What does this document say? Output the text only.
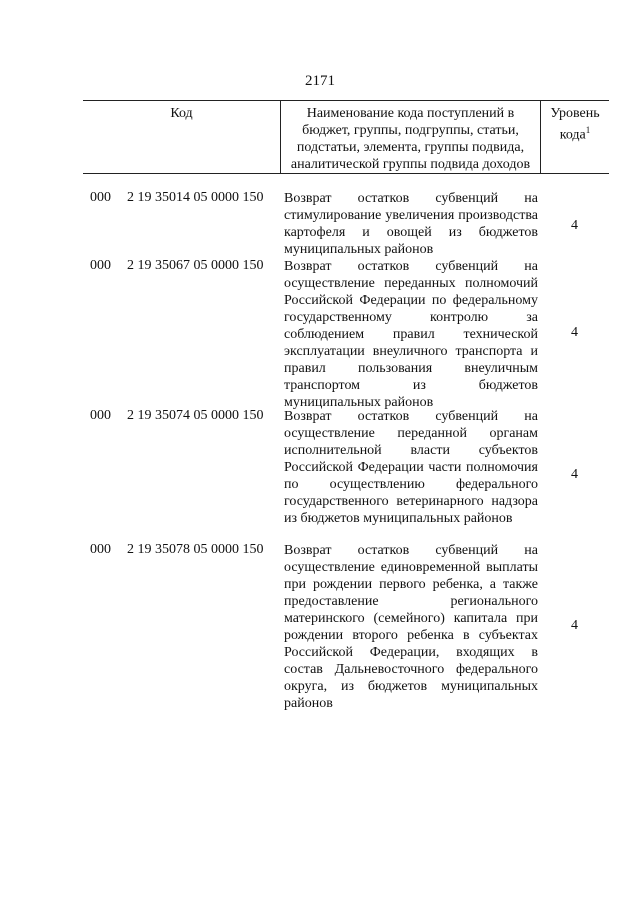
2171
Код	Наименование кода поступлений в бюджет, группы, подгруппы, статьи, подстатьи, элемента, группы подвида, аналитической группы подвида доходов
Уровень кода$^1$
000 2 19 35014 05 0000 150 Возврат остатков субвенций на стимулирование увеличения производства картофеля и овощей из бюджетов муниципальных районов
4
000 2 19 35067 05 0000 150 Возврат остатков субвенций на осуществление переданных полномочий Российской Федерации по федеральному государственному контролю за соблюдением правил технической эксплуатации внеуличного транспорта и правил пользования внеуличным транспортом из бюджетов муниципальных районов
4
000 2 19 35074 05 0000 150 Возврат остатков субвенций на осуществление переданной органам исполнительной власти субъектов Российской Федерации части полномочия по осуществлению федерального государственного ветеринарного надзора из бюджетов муниципальных районов
4
000 2 19 35078 05 0000 150 Возврат остатков субвенций на осуществление единовременной выплаты при рождении первого ребенка, а также предоставление регионального материнского (семейного) капитала при рождении второго ребенка в субъектах Российской Федерации, входящих в состав Дальневосточного федерального округа, из бюджетов муниципальных районов
4
